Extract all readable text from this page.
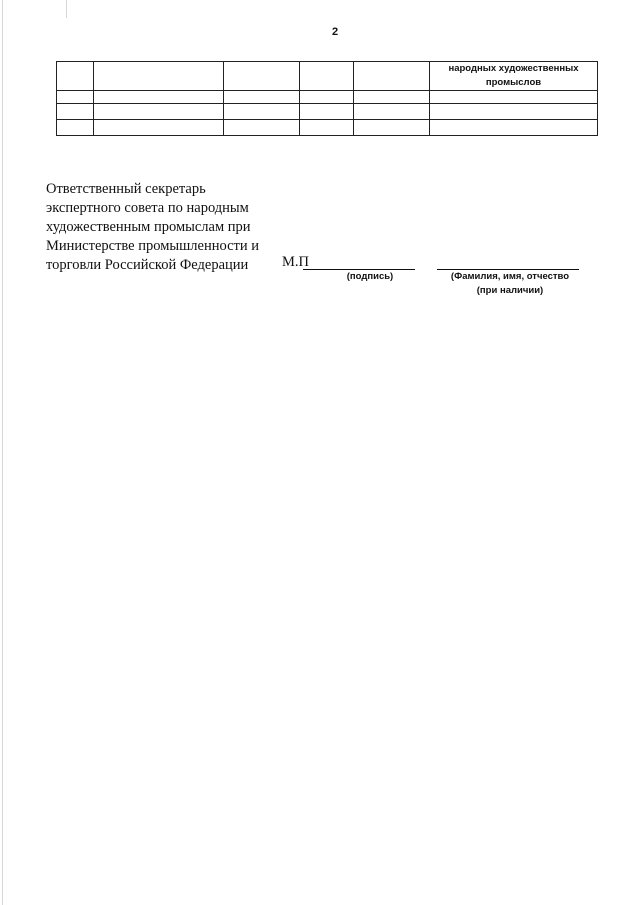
2
					народных художественных промыслов

Ответственный секретарь
экспертного совета по народным
художественным промыслам при
Министерстве промышленности и
торговли Российской Федерации	М.П
(подпись)	(Фамилия, имя, отчество
(при наличии)
